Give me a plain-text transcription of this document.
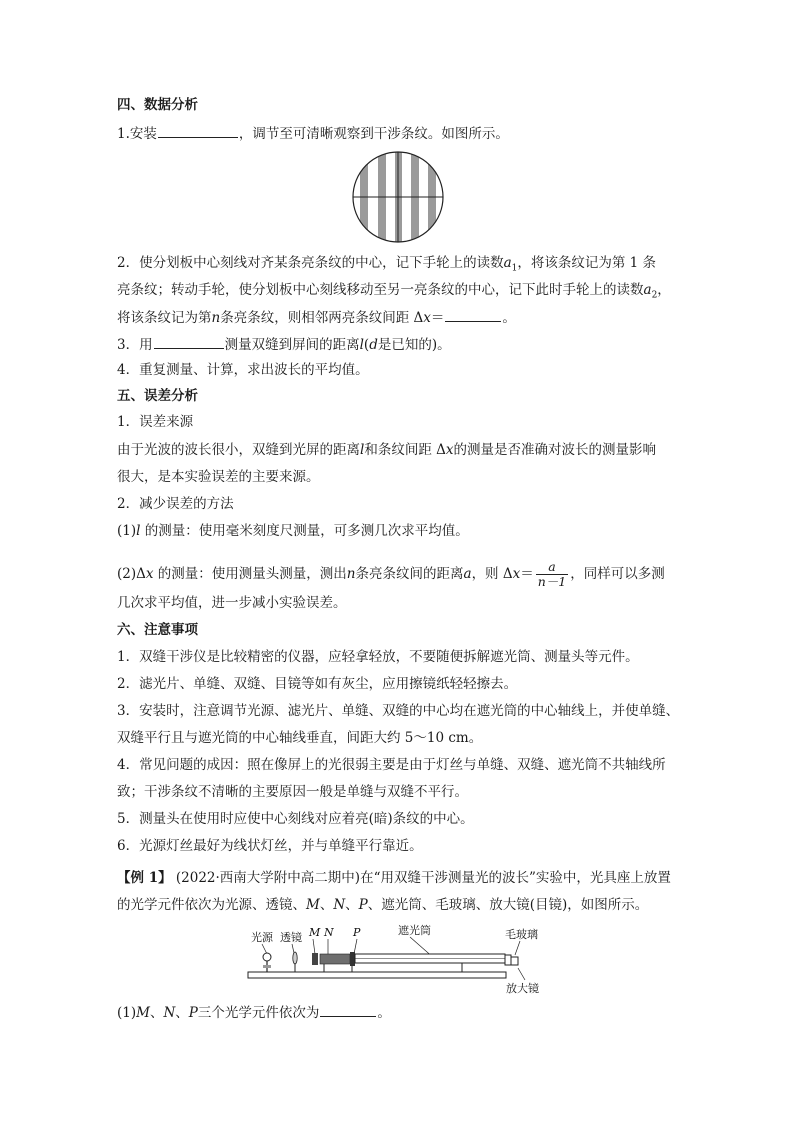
四、数据分析
1.安装	，调节至可清晰观察到干涉条纹。如图所示。
2．使分划板中心刻线对齐某条亮条纹的中心，记下手轮上的读数$a_1$，将该条纹记为第 1 条
亮条纹；转动手轮，使分划板中心刻线移动至另一亮条纹的中心，记下此时手轮上的读数$a_2$，
将该条纹记为第n条亮条纹，则相邻两亮条纹间距 Δx＝	。
3．用	测量双缝到屏间的距离l(d是已知的)。
4．重复测量、计算，求出波长的平均值。
五、误差分析
1．误差来源
由于光波的波长很小，双缝到光屏的距离l和条纹间距 Δx的测量是否准确对波长的测量影响
很大，是本实验误差的主要来源。
2．减少误差的方法
(1)l 的测量：使用毫米刻度尺测量，可多测几次求平均值。
(2)Δx 的测量：使用测量头测量，测出n条亮条纹间的距离a，则 $\Delta x= \frac{a}{n-1}$ ，同样可以多测
几次求平均值，进一步减小实验误差。
六、注意事项
1．双缝干涉仪是比较精密的仪器，应轻拿轻放，不要随便拆解遮光筒、测量头等元件。
2．滤光片、单缝、双缝、目镜等如有灰尘，应用擦镜纸轻轻擦去。
3．安装时，注意调节光源、滤光片、单缝、双缝的中心均在遮光筒的中心轴线上，并使单缝、
双缝平行且与遮光筒的中心轴线垂直，间距大约 5～10 cm。
4．常见问题的成因：照在像屏上的光很弱主要是由于灯丝与单缝、双缝、遮光筒不共轴线所
致；干涉条纹不清晰的主要原因一般是单缝与双缝不平行。
5．测量头在使用时应使中心刻线对应着亮(暗)条纹的中心。
6．光源灯丝最好为线状灯丝，并与单缝平行靠近。
【例 1】 (2022·西南大学附中高二期中)在“用双缝干涉测量光的波长”实验中，光具座上放置
的光学元件依次为光源、透镜、M、N、P、遮光筒、毛玻璃、放大镜(目镜)，如图所示。
光源 透镜 M N P	遮光筒	毛玻璃
放大镜
(1)M、N、P三个光学元件依次为	。
